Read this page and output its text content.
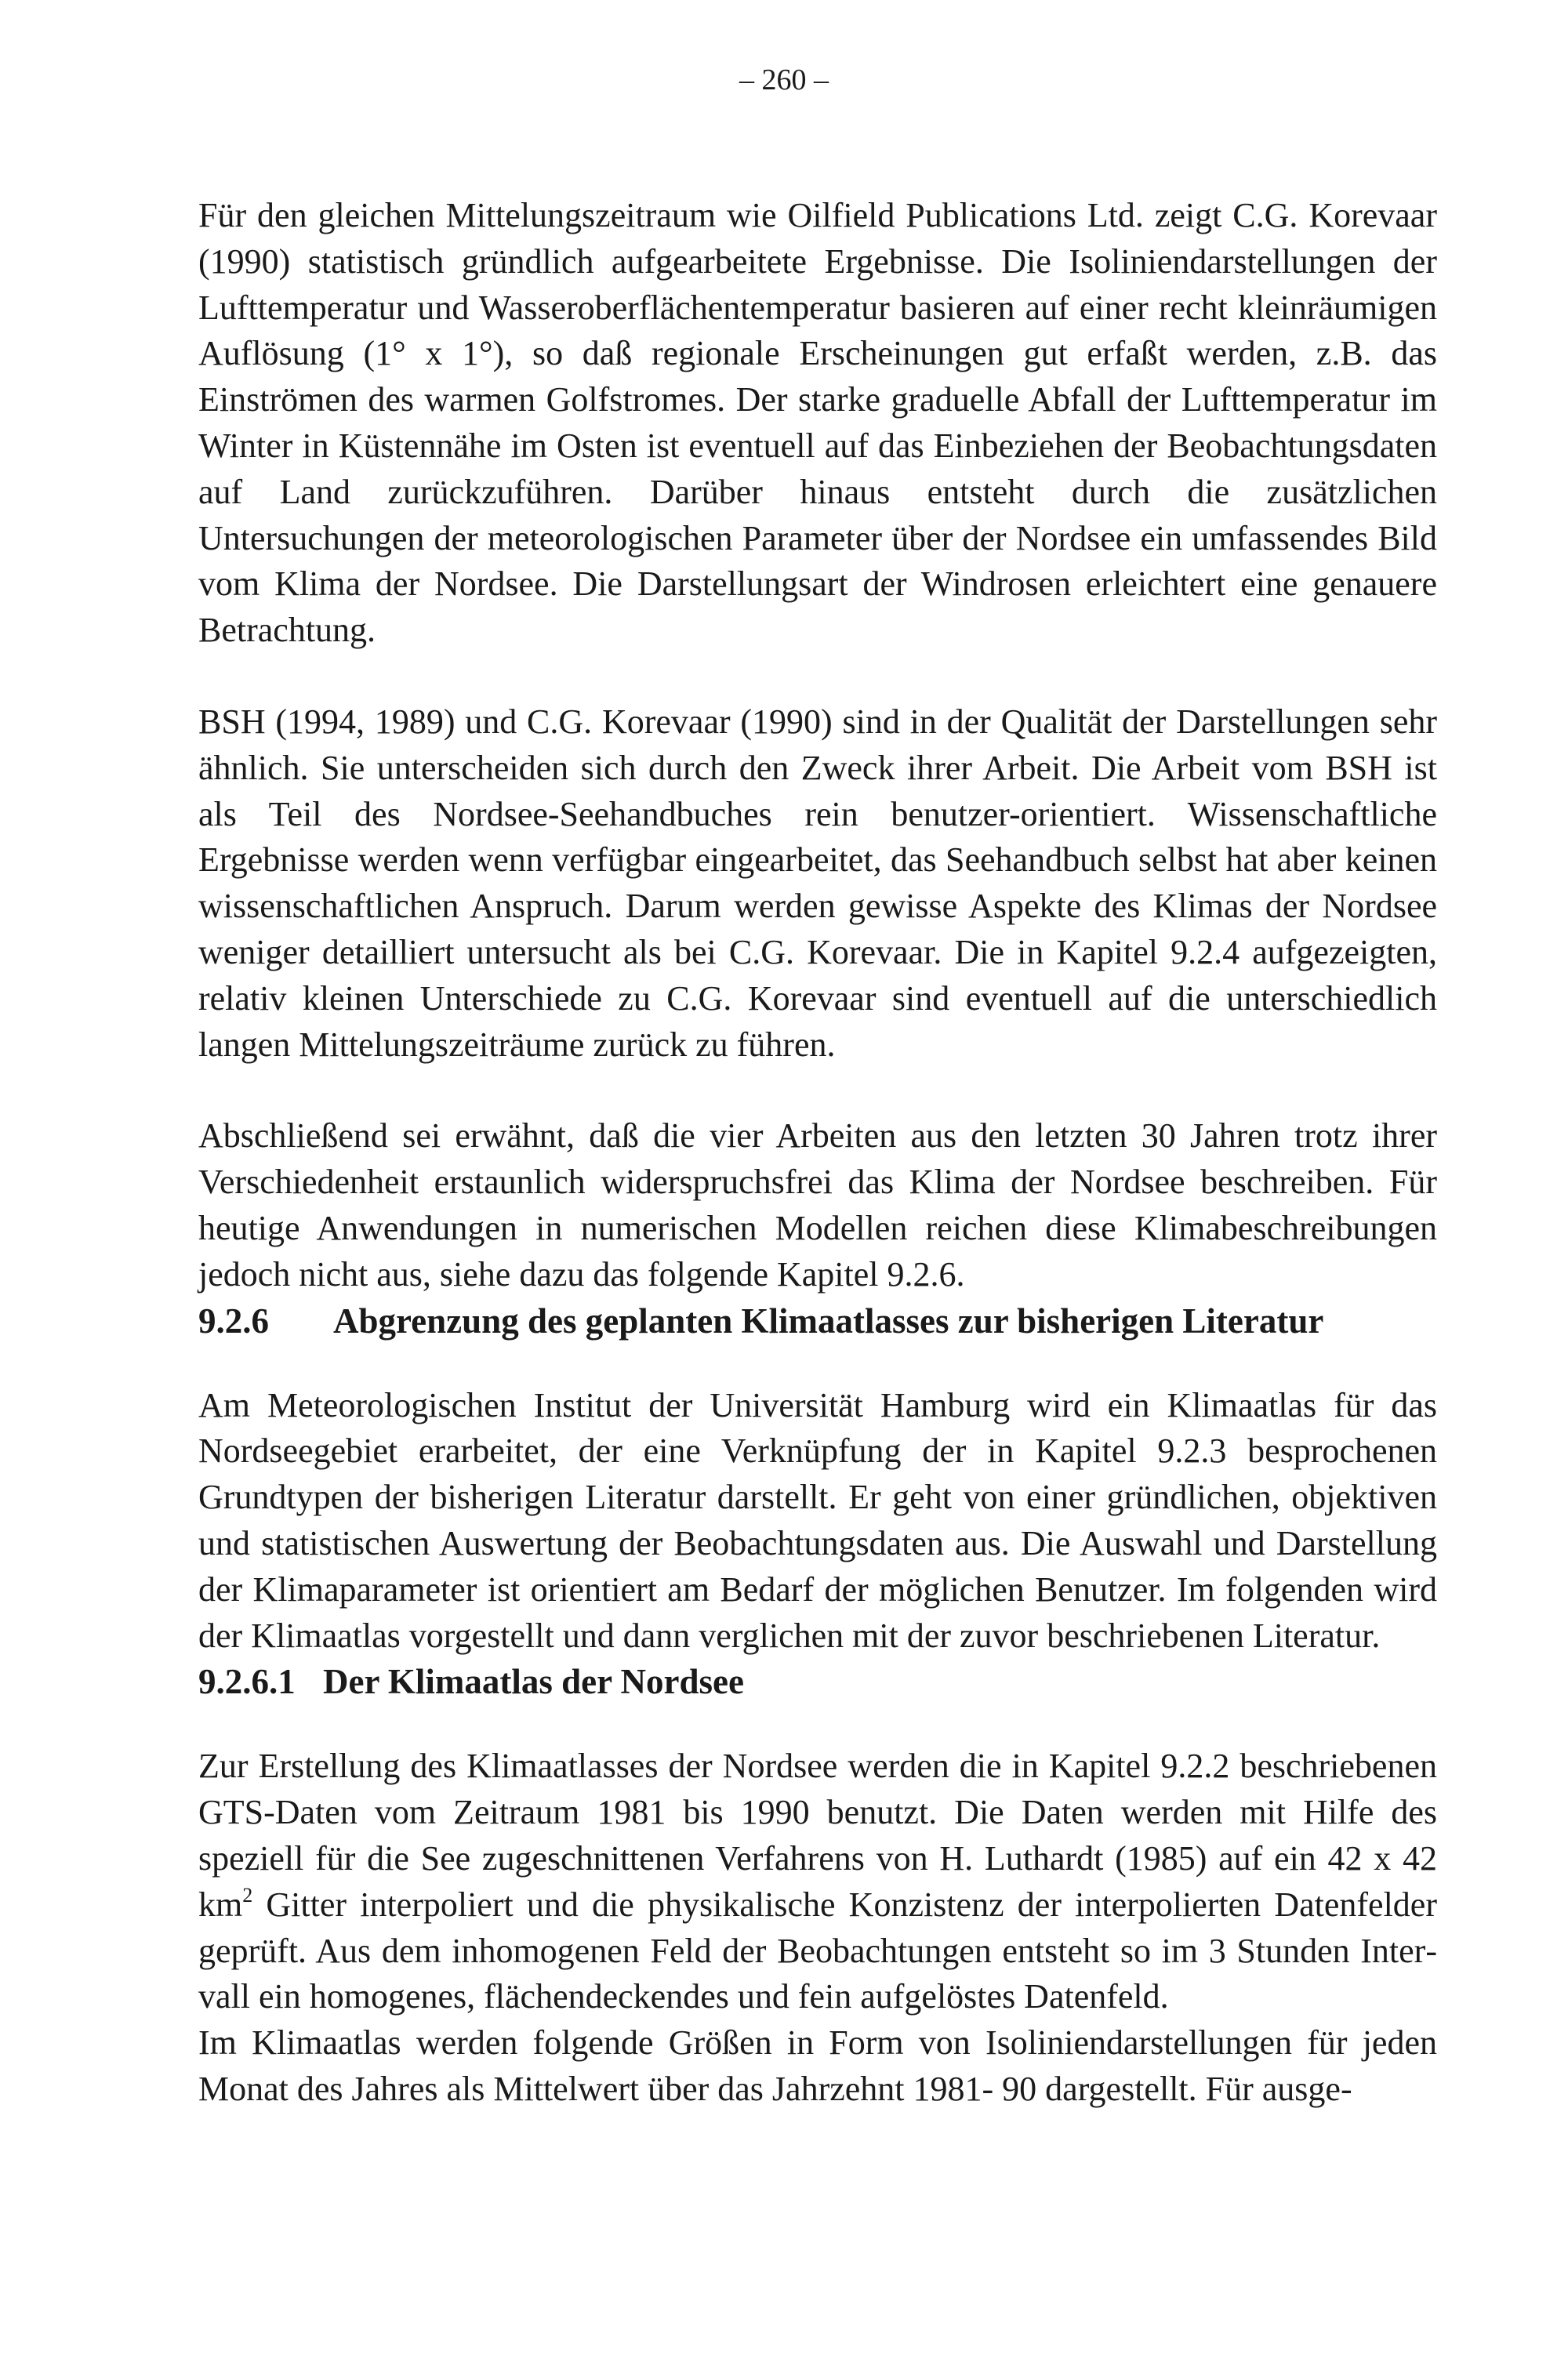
– 260 –

Für den gleichen Mittelungszeitraum wie Oilfield Publications Ltd. zeigt C.G. Korevaar (1990) statistisch gründlich aufgearbeitete Ergebnisse. Die Isoliniendarstellungen der Lufttemperatur und Wasseroberflächentemperatur basieren auf einer recht kleinräumigen Auflösung (1° x 1°), so daß regionale Erscheinungen gut erfaßt werden, z.B. das Einströmen des warmen Golfstromes. Der starke graduelle Abfall der Lufttemperatur im Winter in Küstennähe im Osten ist eventuell auf das Einbeziehen der Beobachtungsdaten auf Land zurückzuführen. Darüber hinaus entsteht durch die zusätzlichen Untersuchungen der meteorologischen Parameter über der Nordsee ein umfassendes Bild vom Klima der Nordsee. Die Darstellungsart der Windrosen erleichtert eine genauere Betrachtung.

BSH (1994, 1989) und C.G. Korevaar (1990) sind in der Qualität der Darstellungen sehr ähnlich. Sie unterscheiden sich durch den Zweck ihrer Arbeit. Die Arbeit vom BSH ist als Teil des Nordsee-Seehandbuches rein benutzer-orientiert. Wissenschaftliche Ergebnisse werden wenn verfügbar eingearbeitet, das Seehandbuch selbst hat aber keinen wissenschaftlichen Anspruch. Darum werden gewisse Aspekte des Klimas der Nordsee weniger detailliert untersucht als bei C.G. Korevaar. Die in Kapitel 9.2.4 aufgezeigten, relativ kleinen Unterschiede zu C.G. Korevaar sind eventuell auf die unterschiedlich langen Mittelungszeiträume zurück zu führen.

Abschließend sei erwähnt, daß die vier Arbeiten aus den letzten 30 Jahren trotz ihrer Verschiedenheit erstaunlich widerspruchsfrei das Klima der Nordsee beschreiben. Für heutige Anwendungen in numerischen Modellen reichen diese Klimabeschreibungen jedoch nicht aus, siehe dazu das folgende Kapitel 9.2.6.

9.2.6 Abgrenzung des geplanten Klimaatlasses zur bisherigen Literatur

Am Meteorologischen Institut der Universität Hamburg wird ein Klimaatlas für das Nordseegebiet erarbeitet, der eine Verknüpfung der in Kapitel 9.2.3 besprochenen Grundtypen der bisherigen Literatur darstellt. Er geht von einer gründlichen, objektiven und statistischen Auswertung der Beobachtungsdaten aus. Die Auswahl und Darstellung der Klimaparameter ist orientiert am Bedarf der möglichen Benutzer. Im folgenden wird der Klimaatlas vorgestellt und dann verglichen mit der zuvor beschriebenen Literatur.

9.2.6.1 Der Klimaatlas der Nordsee

Zur Erstellung des Klimaatlasses der Nordsee werden die in Kapitel 9.2.2 beschriebenen GTS-Daten vom Zeitraum 1981 bis 1990 benutzt. Die Daten werden mit Hilfe des speziell für die See zugeschnittenen Verfahrens von H. Luthardt (1985) auf ein 42 x 42 $km^2$ Gitter interpoliert und die physikalische Konzistenz der interpolierten Datenfelder geprüft. Aus dem inhomogenen Feld der Beobachtungen entsteht so im 3 Stunden Intervall ein homogenes, flächendeckendes und fein aufgelöstes Datenfeld.

Im Klimaatlas werden folgende Größen in Form von Isoliniendarstellungen für jeden Monat des Jahres als Mittelwert über das Jahrzehnt 1981- 90 dargestellt. Für ausge-
